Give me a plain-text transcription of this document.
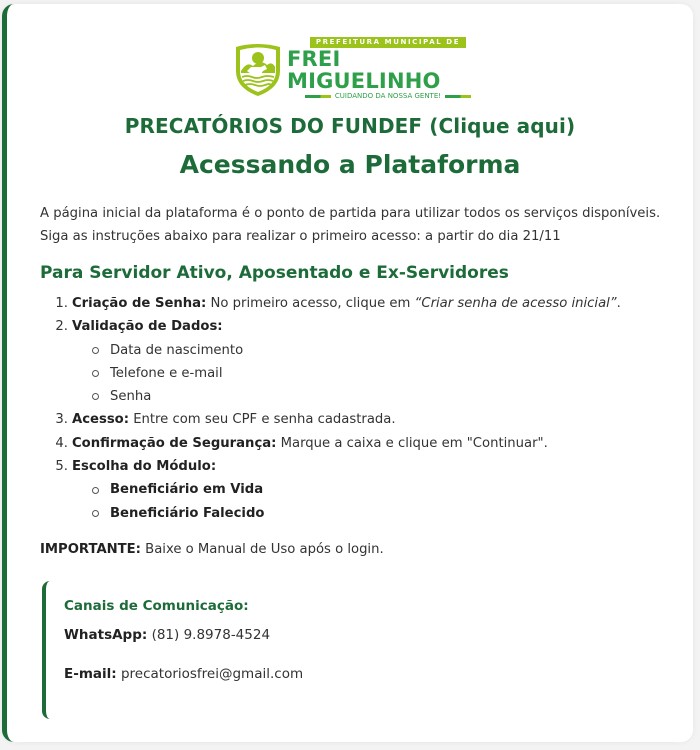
PREFEITURA MUNICIPAL DE
FREI MIGUELINHO
CUIDANDO DA NOSSA GENTE!
PRECATÓRIOS DO FUNDEF (Clique aqui)
Acessando a Plataforma
A página inicial da plataforma é o ponto de partida para utilizar todos os serviços disponíveis.
Siga as instruções abaixo para realizar o primeiro acesso: a partir do dia 21/11
Para Servidor Ativo, Aposentado e Ex-Servidores
1. Criação de Senha: No primeiro acesso, clique em “Criar senha de acesso inicial”.
2. Validação de Dados:
Data de nascimento
Telefone e e-mail
Senha
3. Acesso: Entre com seu CPF e senha cadastrada.
4. Confirmação de Segurança: Marque a caixa e clique em "Continuar".
5. Escolha do Módulo:
Beneficiário em Vida
Beneficiário Falecido
IMPORTANTE: Baixe o Manual de Uso após o login.
Canais de Comunicação:
WhatsApp: (81) 9.8978-4524
E-mail: precatoriosfrei@gmail.com
